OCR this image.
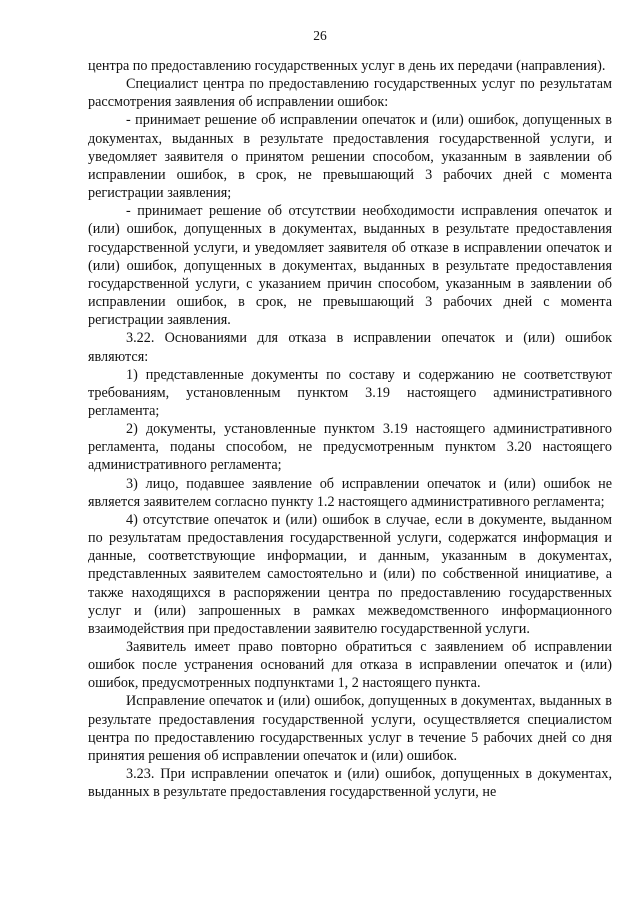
26

центра по предоставлению государственных услуг в день их передачи (направления).

Специалист центра по предоставлению государственных услуг по результатам рассмотрения заявления об исправлении ошибок:

- принимает решение об исправлении опечаток и (или) ошибок, допущенных в документах, выданных в результате предоставления государственной услуги, и уведомляет заявителя о принятом решении способом, указанным в заявлении об исправлении ошибок, в срок, не превышающий 3 рабочих дней с момента регистрации заявления;

- принимает решение об отсутствии необходимости исправления опечаток и (или) ошибок, допущенных в документах, выданных в результате предоставления государственной услуги, и уведомляет заявителя об отказе в исправлении опечаток и (или) ошибок, допущенных в документах, выданных в результате предоставления государственной услуги, с указанием причин способом, указанным в заявлении об исправлении ошибок, в срок, не превышающий 3 рабочих дней с момента регистрации заявления.

3.22. Основаниями для отказа в исправлении опечаток и (или) ошибок являются:

1) представленные документы по составу и содержанию не соответствуют требованиям, установленным пунктом 3.19 настоящего административного регламента;

2) документы, установленные пунктом 3.19 настоящего административного регламента, поданы способом, не предусмотренным пунктом 3.20 настоящего административного регламента;

3) лицо, подавшее заявление об исправлении опечаток и (или) ошибок не является заявителем согласно пункту 1.2 настоящего административного регламента;

4) отсутствие опечаток и (или) ошибок в случае, если в документе, выданном по результатам предоставления государственной услуги, содержатся информация и данные, соответствующие информации, и данным, указанным в документах, представленных заявителем самостоятельно и (или) по собственной инициативе, а также находящихся в распоряжении центра по предоставлению государственных услуг и (или) запрошенных в рамках межведомственного информационного взаимодействия при предоставлении заявителю государственной услуги.

Заявитель имеет право повторно обратиться с заявлением об исправлении ошибок после устранения оснований для отказа в исправлении опечаток и (или) ошибок, предусмотренных подпунктами 1, 2 настоящего пункта.

Исправление опечаток и (или) ошибок, допущенных в документах, выданных в результате предоставления государственной услуги, осуществляется специалистом центра по предоставлению государственных услуг в течение 5 рабочих дней со дня принятия решения об исправлении опечаток и (или) ошибок.

3.23. При исправлении опечаток и (или) ошибок, допущенных в документах, выданных в результате предоставления государственной услуги, не
